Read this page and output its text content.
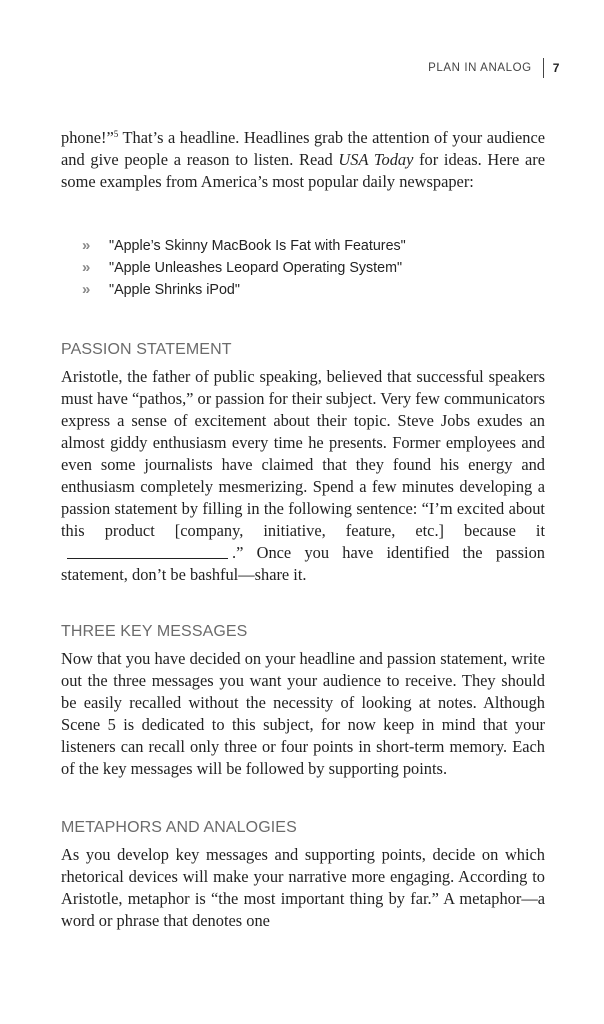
PLAN IN ANALOG 7

phone!”$^5$ That’s a headline. Headlines grab the attention of your audience and give people a reason to listen. Read USA Today for ideas. Here are some examples from America’s most popular daily newspaper:

»	"Apple’s Skinny MacBook Is Fat with Features"
»	"Apple Unleashes Leopard Operating System"
»	"Apple Shrinks iPod"
PASSION STATEMENT

Aristotle, the father of public speaking, believed that successful speakers must have “pathos,” or passion for their subject. Very few communicators express a sense of excitement about their topic. Steve Jobs exudes an almost giddy enthusiasm every time he presents. Former employees and even some journalists have claimed that they found his energy and enthusiasm completely mesmerizing. Spend a few minutes developing a passion statement by filling in the following sentence: “I’m excited about this product [company, initiative, feature, etc.] because it.” Once you have identified the passion statement, don’t be bashful—share it.

THREE KEY MESSAGES

Now that you have decided on your headline and passion statement, write out the three messages you want your audience to receive. They should be easily recalled without the necessity of looking at notes. Although Scene 5 is dedicated to this subject, for now keep in mind that your listeners can recall only three or four points in short-term memory. Each of the key messages will be followed by supporting points.

METAPHORS AND ANALOGIES

As you develop key messages and supporting points, decide on which rhetorical devices will make your narrative more engaging. According to Aristotle, metaphor is “the most important thing by far.” A metaphor—a word or phrase that denotes one
